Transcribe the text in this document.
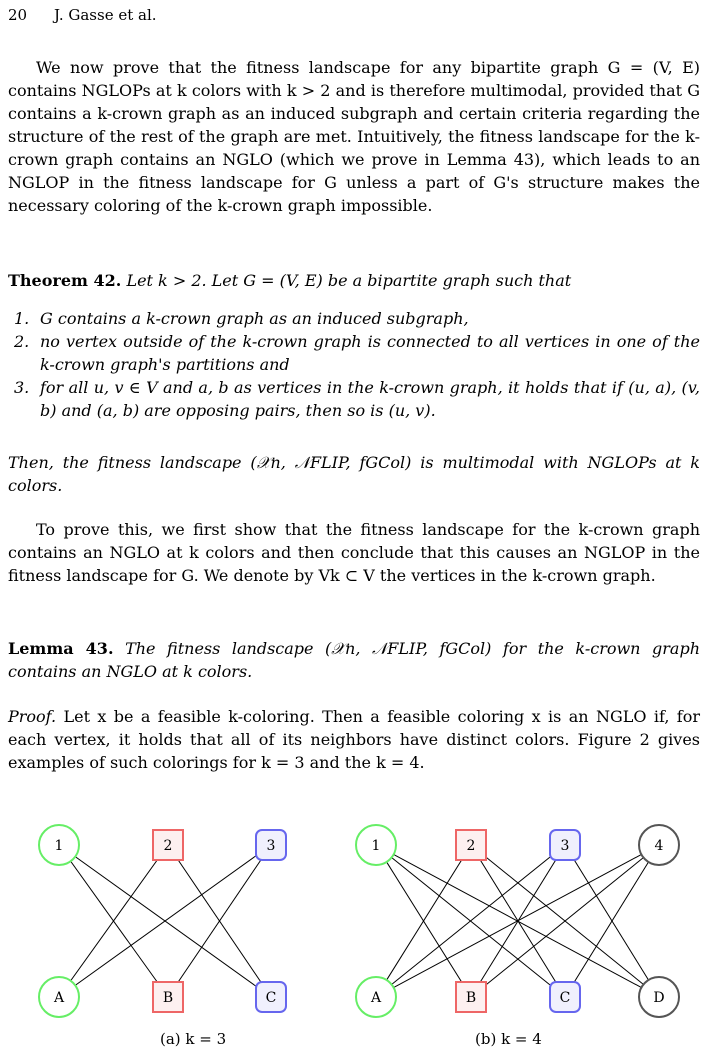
20 J. Gasse et al.
We now prove that the fitness landscape for any bipartite graph G = (V, E) contains NGLOPs at k colors with k > 2 and is therefore multimodal, provided that G contains a k-crown graph as an induced subgraph and certain criteria regarding the structure of the rest of the graph are met. Intuitively, the fitness landscape for the k-crown graph contains an NGLO (which we prove in Lemma 43), which leads to an NGLOP in the fitness landscape for G unless a part of G's structure makes the necessary coloring of the k-crown graph impossible.
Theorem 42. Let k > 2. Let G = (V, E) be a bipartite graph such that
1. G contains a k-crown graph as an induced subgraph,
2. no vertex outside of the k-crown graph is connected to all vertices in one of the k-crown graph's partitions and
3. for all u, v ∈ V and a, b as vertices in the k-crown graph, it holds that if (u, a), (v, b) and (a, b) are opposing pairs, then so is (u, v).
Then, the fitness landscape (𝒳n, 𝒩FLIP, fGCol) is multimodal with NGLOPs at k colors.
To prove this, we first show that the fitness landscape for the k-crown graph contains an NGLO at k colors and then conclude that this causes an NGLOP in the fitness landscape for G. We denote by Vk ⊂ V the vertices in the k-crown graph.
Lemma 43. The fitness landscape (𝒳n, 𝒩FLIP, fGCol) for the k-crown graph contains an NGLO at k colors.
Proof. Let x be a feasible k-coloring. Then a feasible coloring x is an NGLO if, for each vertex, it holds that all of its neighbors have distinct colors. Figure 2 gives examples of such colorings for k = 3 and the k = 4.
1	2	3
A	B	C
1	2	3	4
A	B	C	D
(a) k = 3	(b) k = 4
